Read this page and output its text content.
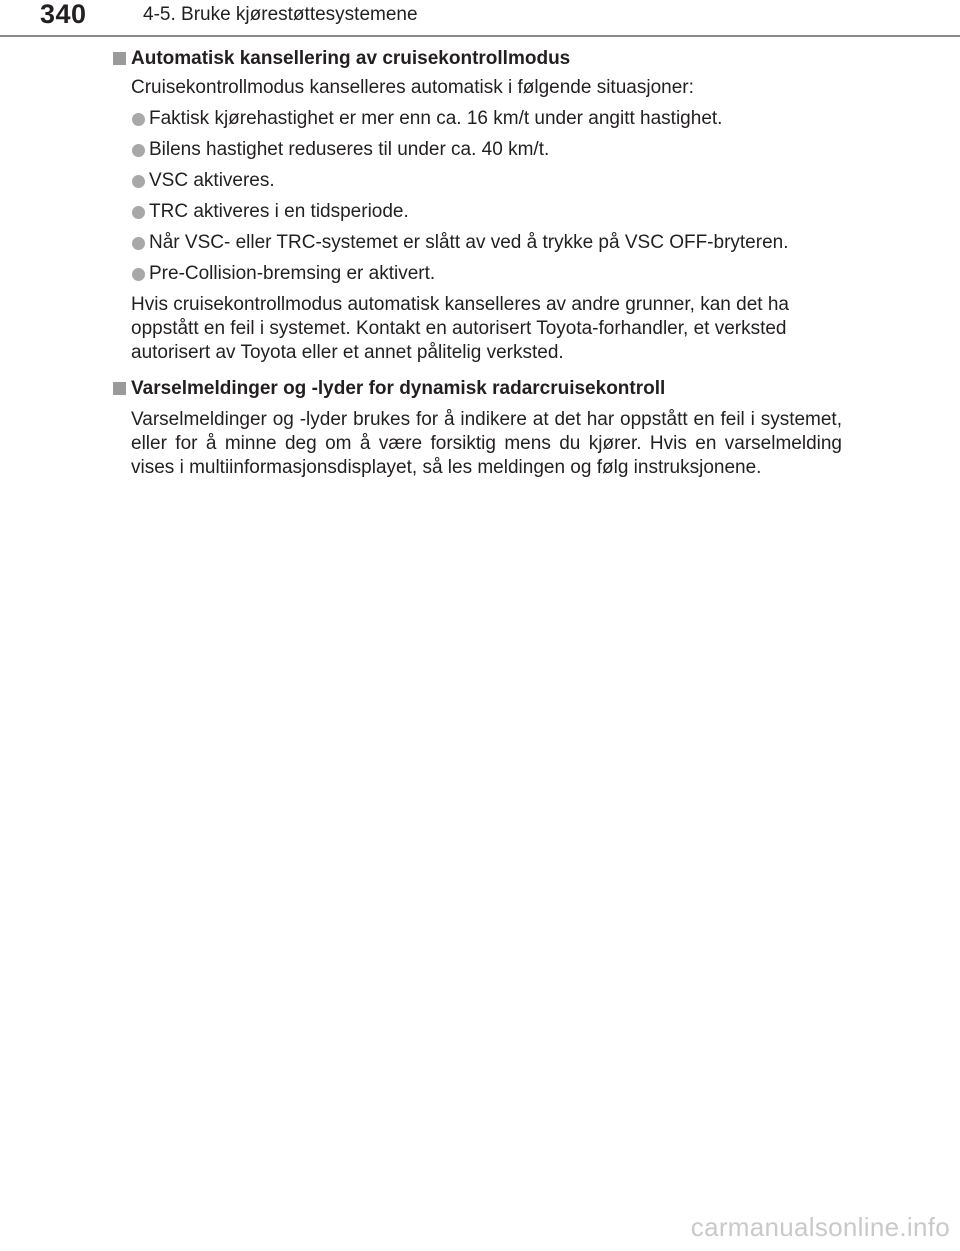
340	4-5. Bruke kjørestøttesystemene
Automatisk kansellering av cruisekontrollmodus

Cruisekontrollmodus kanselleres automatisk i følgende situasjoner:

Faktisk kjørehastighet er mer enn ca. 16 km/t under angitt hastighet.
Bilens hastighet reduseres til under ca. 40 km/t.
VSC aktiveres.
TRC aktiveres i en tidsperiode.
Når VSC- eller TRC-systemet er slått av ved å trykke på VSC OFF-bryteren.
Pre-Collision-bremsing er aktivert.

Hvis cruisekontrollmodus automatisk kanselleres av andre grunner, kan det ha oppstått en feil i systemet. Kontakt en autorisert Toyota-forhandler, et verksted autorisert av Toyota eller et annet pålitelig verksted.

Varselmeldinger og -lyder for dynamisk radarcruisekontroll

Varselmeldinger og -lyder brukes for å indikere at det har oppstått en feil i systemet, eller for å minne deg om å være forsiktig mens du kjører. Hvis en varselmelding vises i multiinformasjonsdisplayet, så les meldingen og følg instruksjonene.

carmanualsonline.info
